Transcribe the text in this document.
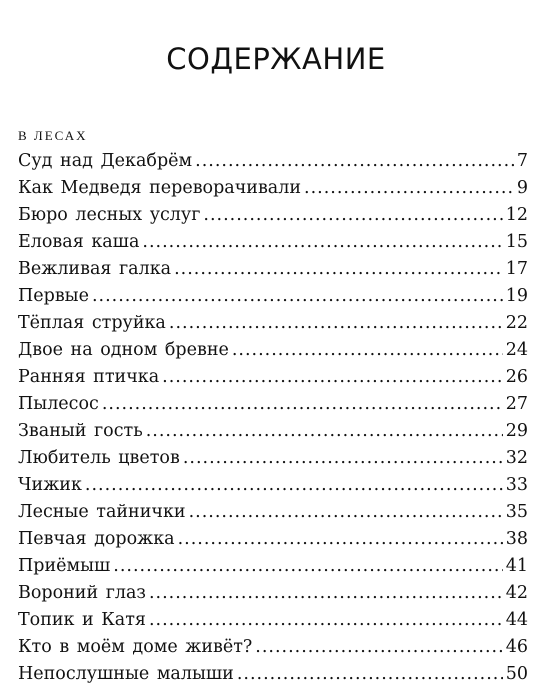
СОДЕРЖАНИЕ
В ЛЕСАХ
Суд над Декабрём .....	7
Как Медведя переворачивали .....	9
Бюро лесных услуг .....	12
Еловая каша .....	15
Вежливая галка .....	17
Первые .....	19
Тёплая струйка .....	22
Двое на одном бревне .....	24
Ранняя птичка .....	26
Пылесос .....	27
Званый гость .....	29
Любитель цветов .....	32
Чижик .....	33
Лесные тайнички .....	35
Певчая дорожка .....	38
Приёмыш .....	41
Вороний глаз .....	42
Топик и Катя .....	44
Кто в моём доме живёт? .....	46
Непослушные малыши .....	50
